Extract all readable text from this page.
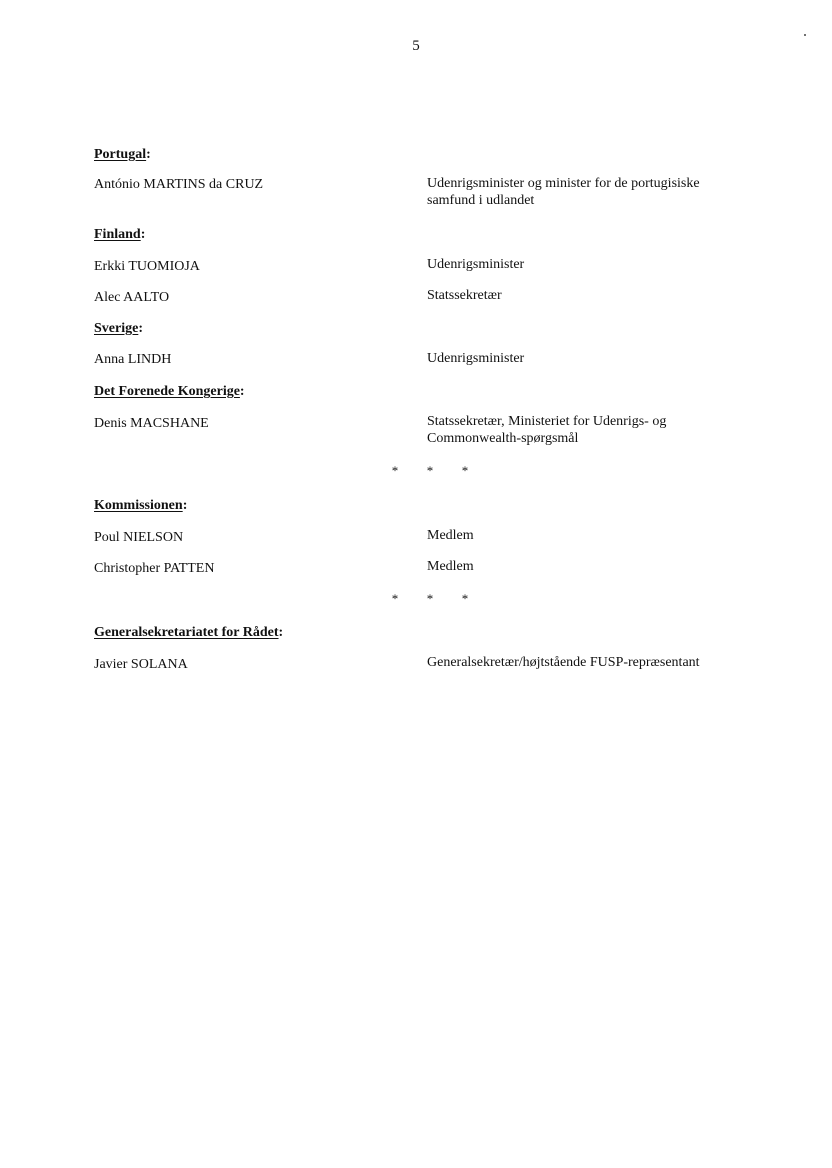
5
Portugal:
António MARTINS da CRUZ	Udenrigsminister og minister for de portugisiske
samfund i udlandet
Finland:
Erkki TUOMIOJA	Udenrigsminister
Alec AALTO	Statssekretær
Sverige:
Anna LINDH	Udenrigsminister
Det Forenede Kongerige:
Denis MACSHANE	Statssekretær, Ministeriet for Udenrigs- og
Commonwealth-spørgsmål
* * *
Kommissionen:
Poul NIELSON	Medlem
Christopher PATTEN	Medlem
* * *
Generalsekretariatet for Rådet:
Javier SOLANA	Generalsekretær/højtstående FUSP-repræsentant
